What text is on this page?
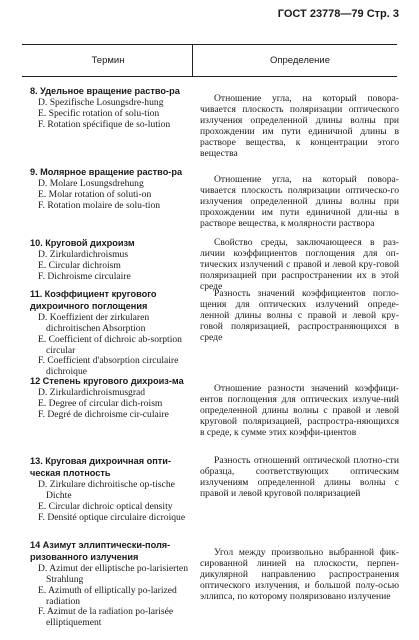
ГОСТ 23778—79 Стр. 3
Термин	Определение
8. Удельное вращение раство-ра
D. Spezifische Losungsdre-hung
E. Specific rotation of solu-tion
F. Rotation spécifique de so-lution

Отношение угла, на который повора-чивается плоскость поляризации оптического излучения определенной длины волны при прохождении им пути единичной длины в растворе вещества, к концентрации этого вещества

9. Молярное вращение раство-ра
D. Molare Losungsdrehung
E. Molar rotation of soluti-on
F. Rotation molaire de solu-tion

Отношение угла, на который повора-чивается плоскость поляризации оптическо-го излучения определенной длины волны при прохождении им пути единичной дли-ны в растворе вещества, к молярности раствора

10. Круговой дихроизм
D. Zirkulardichroismus
E. Circular dichroism
F. Dichroisme circulaire

Свойство среды, заключающееся в раз-личии коэффициентов поглощения для оп-тических излучений с правой и левой кру-говой поляризацией при распространении их в этой среде

11. Коэффициент кругового дихроичного поглощения
D. Koeffizient der zirkularen dichroitischen Absorption
E. Coefficient of dichroic ab-sorption circular
F. Coefficient d'absorption circulaire dichroique

Разность значений коэффициентов погло-щения для оптических излучений опреде-ленной длины волны с правой и левой кру-говой поляризацией, распространяющихся в среде

12 Степень кругового дихроиз-ма
D. Zirkulardichroismusgrad
E. Degree of circular dich-roism
F. Degré de dichroisme cir-culaire

Отношение разности значений коэффици-ентов поглощения для оптических излуче-ний определенной длины волны с правой и левой круговой поляризацией, распростра-няющихся в среде, к сумме этих коэффи-циентов

13. Круговая дихроичная опти-ческая плотность
D. Zirkulare dichroitische op-tische Dichte
E. Circular dichroic optical density
F. Densité optique circulaire dicroique

Разность отношений оптической плотно-сти образца, соответствующих оптическим излучениям определенной длины волны с правой и левой круговой поляризацией

14 Азимут эллиптически-поля-ризованного излучения
D. Azimut der elliptische po-larisierten Strahlung
E. Azimuth of elliptically po-larized radiation
F. Azimut de la radiation po-larisée elliptiquement

Угол между произвольно выбранной фик-сированной линией на плоскости, перпен-дикулярной направлению распространения оптического излучения, и большой полу-осью эллипса, по которому поляризовано излучение
